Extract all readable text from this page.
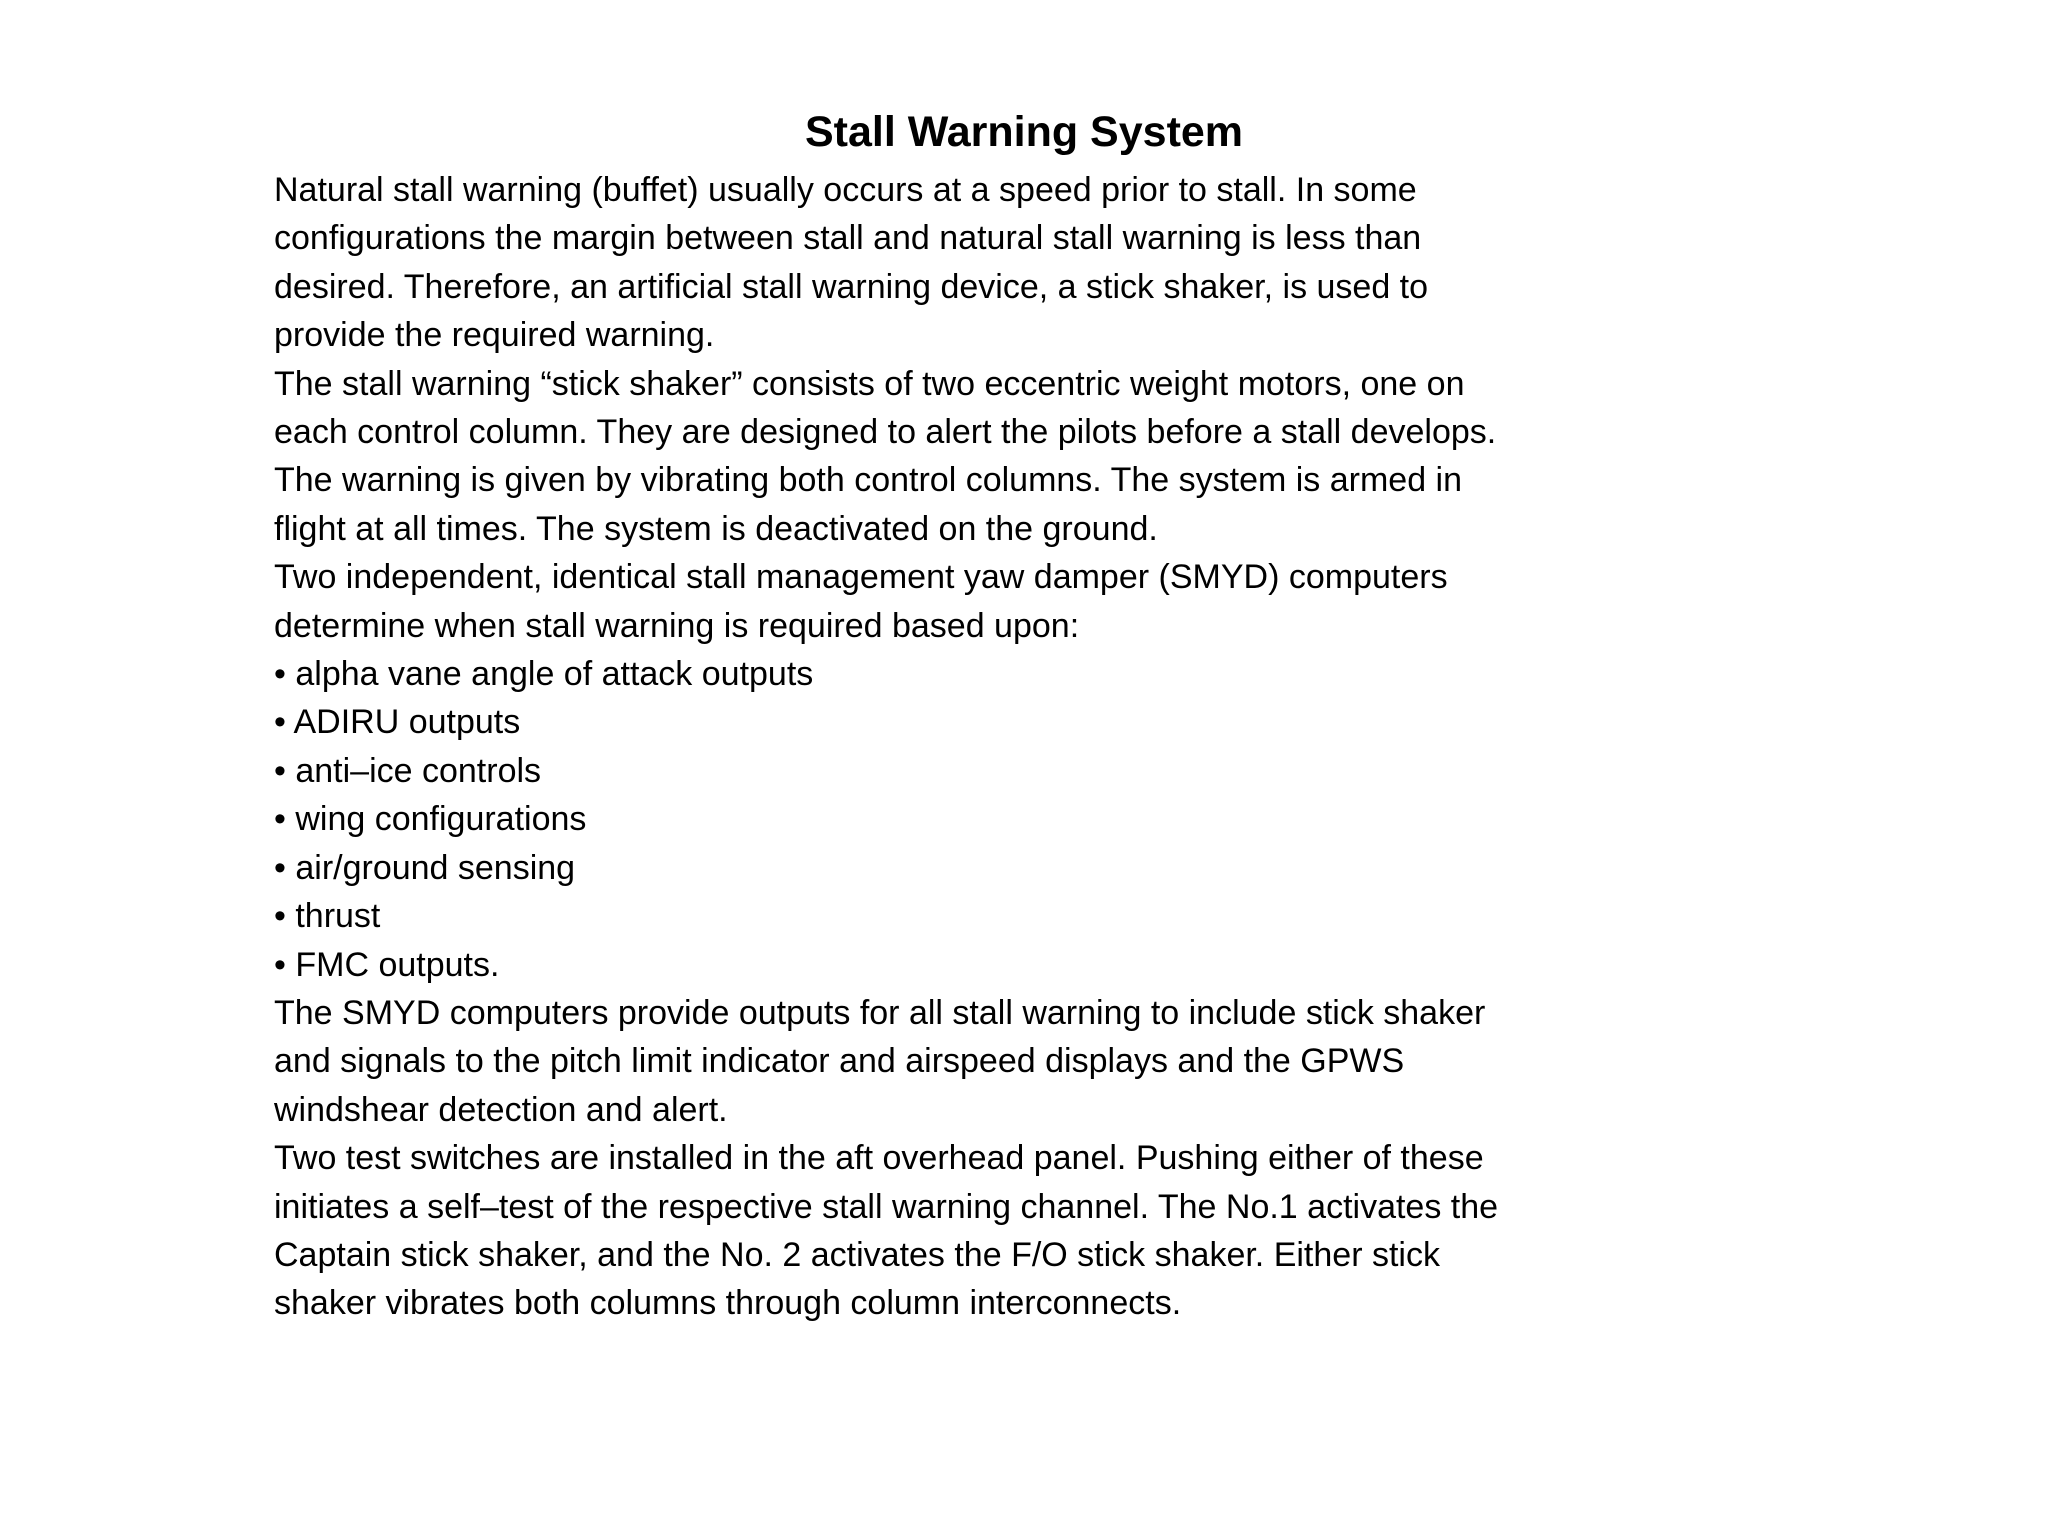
Stall Warning System
Natural stall warning (buffet) usually occurs at a speed prior to stall. In some
configurations the margin between stall and natural stall warning is less than
desired. Therefore, an artificial stall warning device, a stick shaker, is used to
provide the required warning.
The stall warning “stick shaker” consists of two eccentric weight motors, one on
each control column. They are designed to alert the pilots before a stall develops.
The warning is given by vibrating both control columns. The system is armed in
flight at all times. The system is deactivated on the ground.
Two independent, identical stall management yaw damper (SMYD) computers
determine when stall warning is required based upon:
• alpha vane angle of attack outputs
• ADIRU outputs
• anti–ice controls
• wing configurations
• air/ground sensing
• thrust
• FMC outputs.
The SMYD computers provide outputs for all stall warning to include stick shaker
and signals to the pitch limit indicator and airspeed displays and the GPWS
windshear detection and alert.
Two test switches are installed in the aft overhead panel. Pushing either of these
initiates a self–test of the respective stall warning channel. The No.1 activates the
Captain stick shaker, and the No. 2 activates the F/O stick shaker. Either stick
shaker vibrates both columns through column interconnects.
